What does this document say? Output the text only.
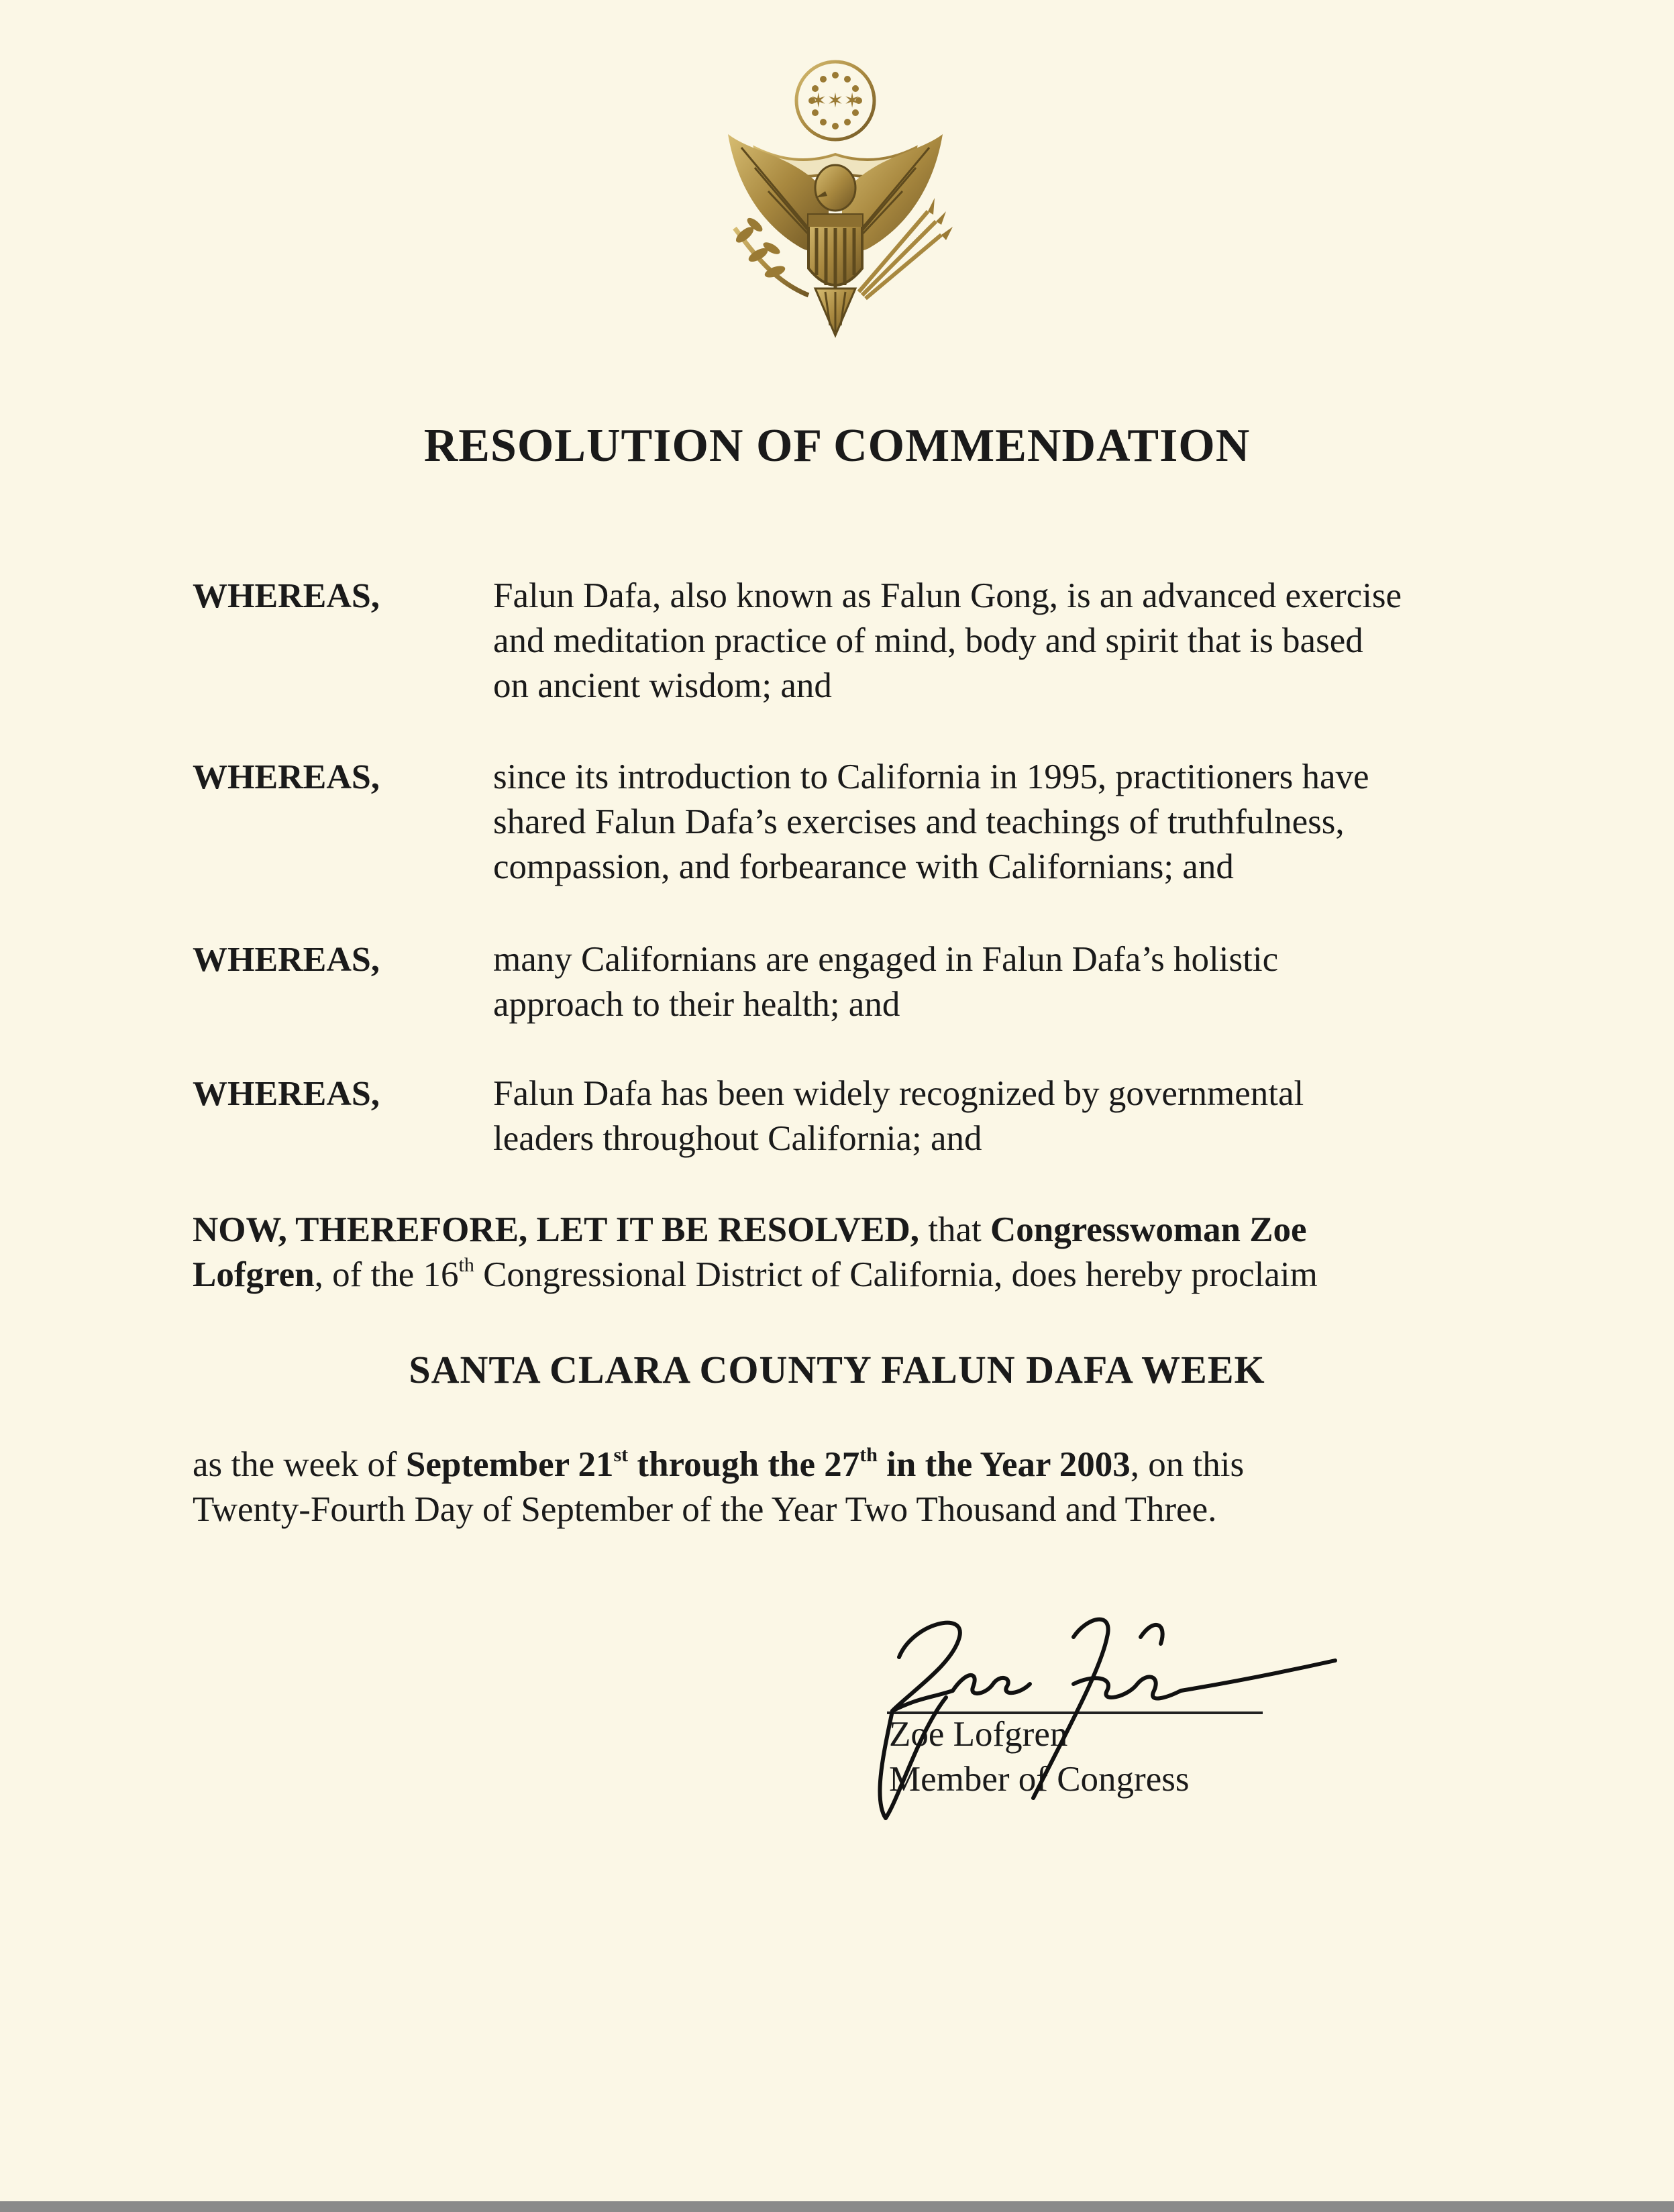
✶✶✶
RESOLUTION OF COMMENDATION
WHEREAS,	Falun Dafa, also known as Falun Gong, is an advanced exercise
and meditation practice of mind, body and spirit that is based
on ancient wisdom; and

WHEREAS,	since its introduction to California in 1995, practitioners have
shared Falun Dafa’s exercises and teachings of truthfulness,
compassion, and forbearance with Californians; and

WHEREAS,	many Californians are engaged in Falun Dafa’s holistic
approach to their health; and

WHEREAS,	Falun Dafa has been widely recognized by governmental
leaders throughout California; and

NOW, THEREFORE, LET IT BE RESOLVED, that Congresswoman Zoe
Lofgren, of the 16th Congressional District of California, does hereby proclaim
SANTA CLARA COUNTY FALUN DAFA WEEK
as the week of September 21st through the 27th in the Year 2003, on this
Twenty-Fourth Day of September of the Year Two Thousand and Three.
Zoe Lofgren
Member of Congress
